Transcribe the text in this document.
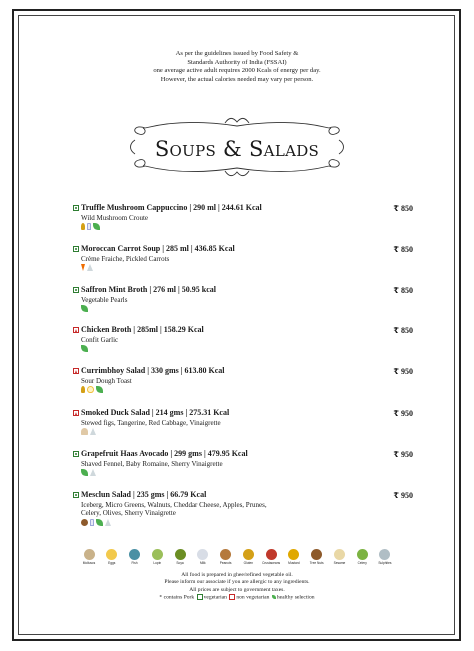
As per the guidelines issued by Food Safety &
Standards Authority of India (FSSAI)
one average active adult requires 2000 Kcals of energy per day.
However, the actual calories needed may vary per person.
Soups & Salads
Truffle Mushroom Cappuccino | 290 ml | 244.61 Kcal	₹ 850
Wild Mushroom Croute
Moroccan Carrot Soup | 285 ml | 436.85 Kcal	₹ 850
Crème Fraiche, Pickled Carrots
Saffron Mint Broth | 276 ml | 50.95 kcal	₹ 850
Vegetable Pearls
Chicken Broth | 285ml | 158.29 Kcal	₹ 850
Confit Garlic
Currimbhoy Salad | 330 gms | 613.80 Kcal	₹ 950
Sour Dough Toast
Smoked Duck Salad | 214 gms | 275.31 Kcal	₹ 950
Stewed figs, Tangerine, Red Cabbage, Vinaigrette
Grapefruit Haas Avocado | 299 gms | 479.95 Kcal	₹ 950
Shaved Fennel, Baby Romaine, Sherry Vinaigrette
Mesclun Salad | 235 gms | 66.79 Kcal	₹ 950
Iceberg, Micro Greens, Walnuts, Cheddar Cheese, Apples, Prunes,
Celery, Olives, Sherry Vinaigrette
Molluscs	Eggs	Fish	Lupin	Soya	Milk	Peanuts	Gluten	Crustaceans	Mustard	Tree Nuts	Sesame	Celery	Sulphites
All food is prepared in ghee/refined vegetable oil.
Please inform our associate if you are allergic to any ingredients.
All prices are subject to government taxes.
* contains Pork vegetarian non vegetarian healthy selection
